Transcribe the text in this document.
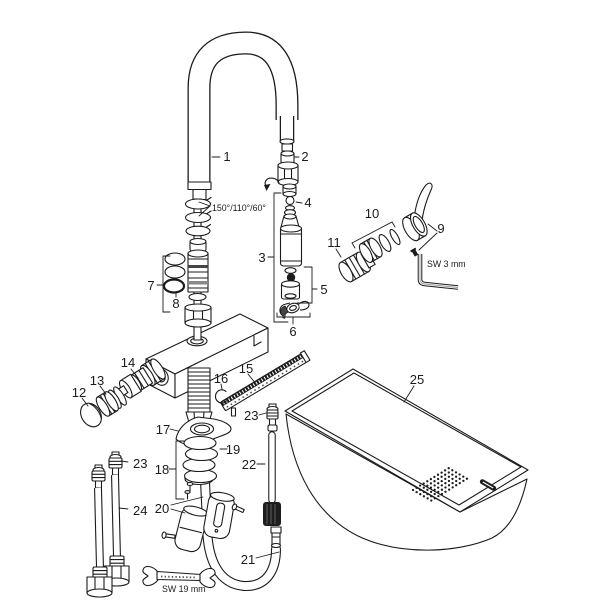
1	2
3
4
5
6
7
8
9
10
11
12
13
14	15
16
17
18
19
20
21
22
23
23
24
25
150°/110°/60°
SW 3 mm
SW 19 mm
